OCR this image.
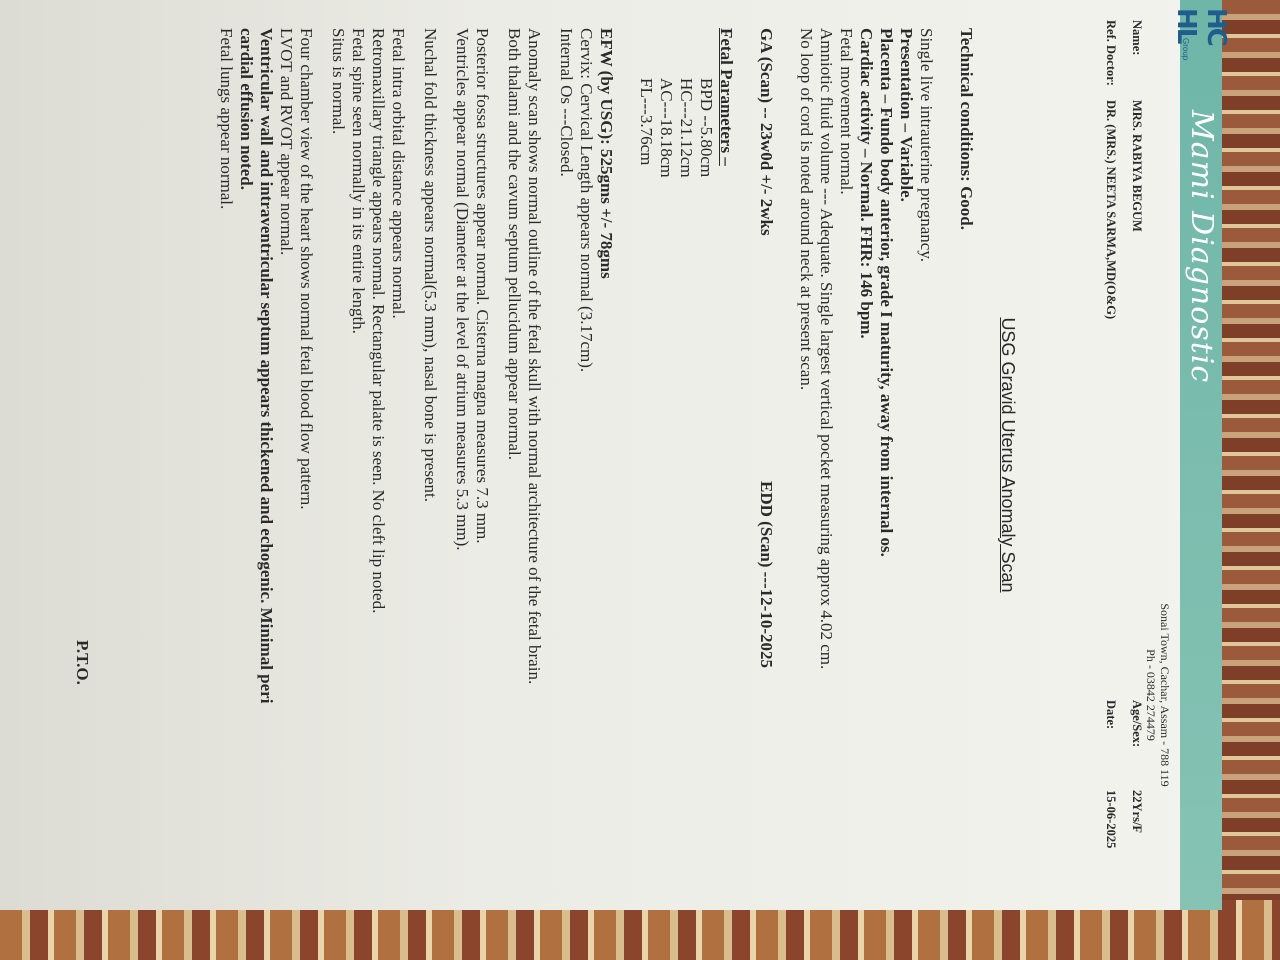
HC HL
Group
Mami Diagnostic
Sonai Town, Cachar, Assam - 788 119
Ph - 03842 274479
Name:
MRS. RABIYA BEGUM
Age/Sex:
22Yrs/F
Ref. Doctor:
DR. (MRS.) NEETA SARMA,MD(O&G)
Date:
15-06-2025
USG Gravid Uterus Anomaly Scan
Technical conditions: Good.
Single live intrauterine pregnancy.
Presentation – Variable.
Placenta – Fundo body anterior, grade I maturity, away from internal os.
Cardiac activity – Normal. FHR: 146 bpm.
Fetal movement normal.
Amniotic fluid volume --- Adequate. Single largest vertical pocket measuring approx 4.02 cm.
No loop of cord is noted around neck at present scan.
GA (Scan) -- 23w0d +/- 2wks
EDD (Scan) ---12-10-2025
Fetal Parameters –
BPD --5.80cm
HC---21.12cm
AC---18.18cm
FL---3.76cm
EFW (by USG): 525gms +/- 78gms
Cervix: Cervical Length appears normal (3.17cm).
Internal Os ---Closed.
Anomaly scan shows normal outline of the fetal skull with normal architecture of the fetal brain.
Both thalami and the cavum septum pellucidum appear normal.
Posterior fossa structures appear normal. Cisterna magna measures 7.3 mm.
Ventricles appear normal (Diameter at the level of atrium measures 5.3 mm).
Nuchal fold thickness appears normal(5.3 mm), nasal bone is present.
Fetal intra orbital distance appears normal.
Retromaxillary triangle appears normal. Rectangular palate is seen. No cleft lip noted.
Fetal spine seen normally in its entire length.
Situs is normal.
Four chamber view of the heart shows normal fetal blood flow pattern.
LVOT and RVOT appear normal.
Ventricular wall and intraventricular septum appears thickened and echogenic. Minimal peri
cardial effusion noted.
Fetal lungs appear normal.
P.T.O.
